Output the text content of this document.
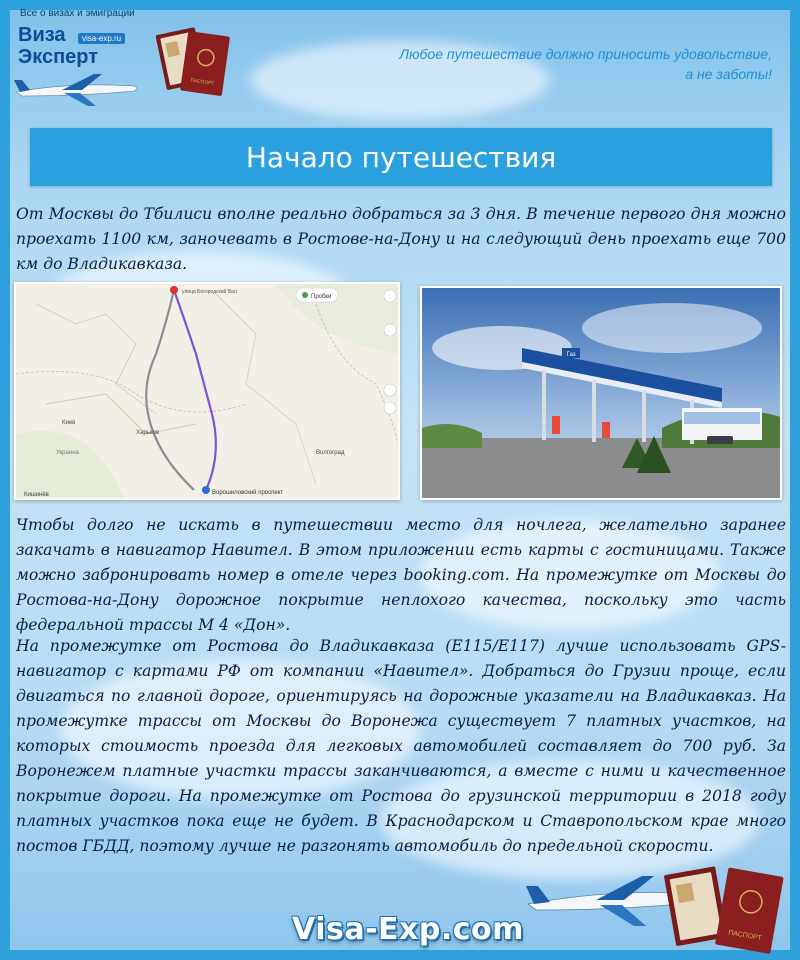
Все о визах и эмиграции
Виза	visa-exp.ru
Эксперт
ПАСПОРТ
Любое путешествие должно приносить удовольствие,
а не заботы!
Начало путешествия
От Москвы до Тбилиси вполне реально добраться за 3 дня. В течение первого дня можно проехать 1100 км, заночевать в Ростове-на-Дону и на следующий день проехать еще 700 км до Владикавказа.
улица Богородский Вал
Ворошиловский проспект
Киев
Украина
Харьков
Кишинёв
Волгоград
Пробки
Газ
Чтобы долго не искать в путешествии место для ночлега, желательно заранее закачать в навигатор Навител. В этом приложении есть карты с гостиницами. Также можно забронировать номер в отеле через booking.com. На промежутке от Москвы до Ростова-на-Дону дорожное покрытие неплохого качества, поскольку это часть федеральной трассы М 4 «Дон».
На промежутке от Ростова до Владикавказа (Е115/Е117) лучше использовать GPS-навигатор с картами РФ от компании «Навител». Добраться до Грузии проще, если двигаться по главной дороге, ориентируясь на дорожные указатели на Владикавказ. На промежутке трассы от Москвы до Воронежа существует 7 платных участков, на которых стоимость проезда для легковых автомобилей составляет до 700 руб. За Воронежем платные участки трассы заканчиваются, а вместе с ними и качественное покрытие дороги. На промежутке от Ростова до грузинской территории в 2018 году платных участков пока еще не будет. В Краснодарском и Ставропольском крае много постов ГБДД, поэтому лучше не разгонять автомобиль до предельной скорости.
ПАСПОРТ
Visa-Exp.com
